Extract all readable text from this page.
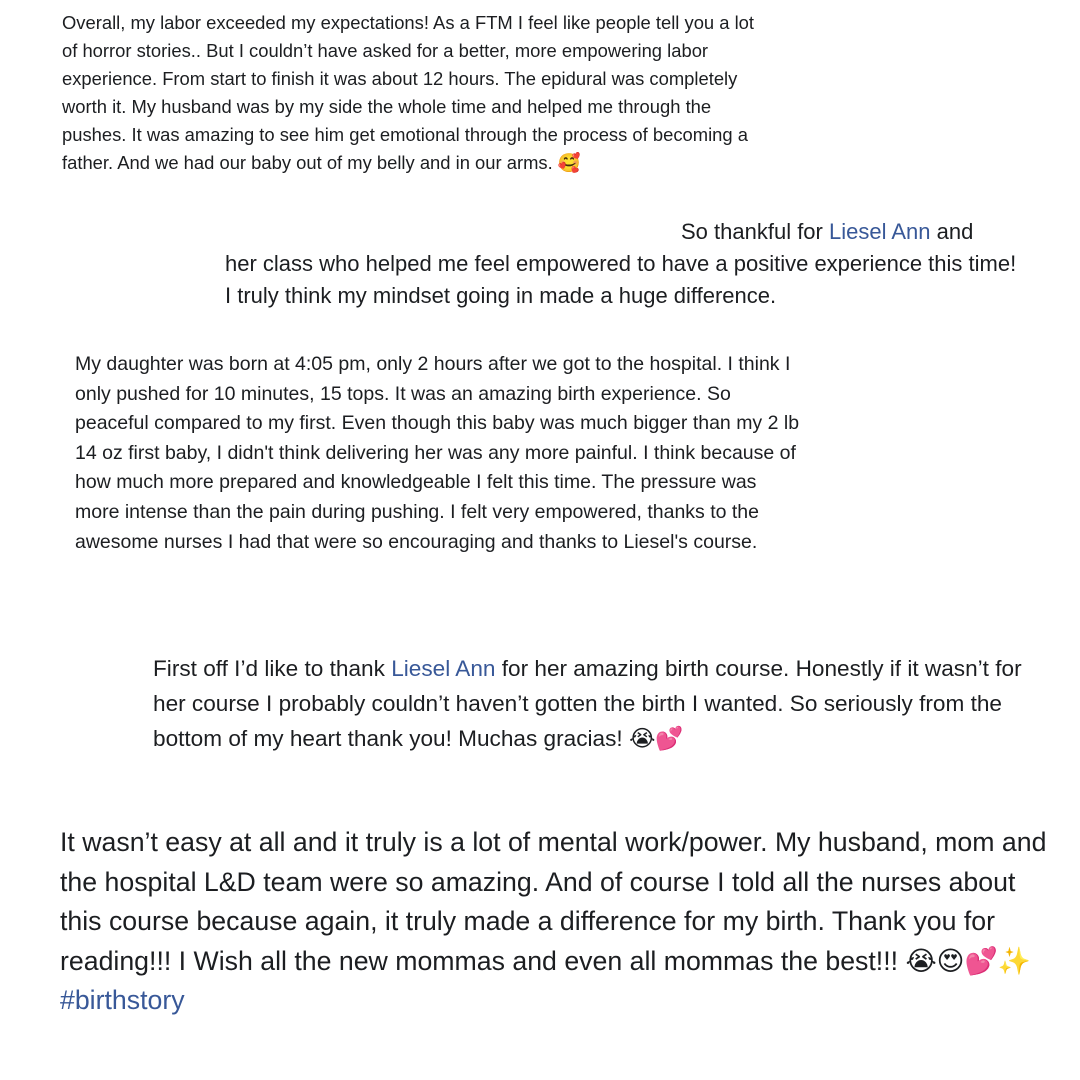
Overall, my labor exceeded my expectations! As a FTM I feel like people tell you a lot of horror stories.. But I couldn’t have asked for a better, more empowering labor experience. From start to finish it was about 12 hours. The epidural was completely worth it. My husband was by my side the whole time and helped me through the pushes. It was amazing to see him get emotional through the process of becoming a father. And we had our baby out of my belly and in our arms. 🥰

So thankful for Liesel Ann and
her class who helped me feel empowered to have a positive experience this time! I truly think my mindset going in made a huge difference.

My daughter was born at 4:05 pm, only 2 hours after we got to the hospital. I think I only pushed for 10 minutes, 15 tops. It was an amazing birth experience. So peaceful compared to my first. Even though this baby was much bigger than my 2 lb 14 oz first baby, I didn't think delivering her was any more painful. I think because of how much more prepared and knowledgeable I felt this time. The pressure was more intense than the pain during pushing. I felt very empowered, thanks to the awesome nurses I had that were so encouraging and thanks to Liesel's course.

First off I’d like to thank Liesel Ann for her amazing birth course. Honestly if it wasn’t for her course I probably couldn’t haven’t gotten the birth I wanted. So seriously from the bottom of my heart thank you! Muchas gracias! 😭💕

It wasn’t easy at all and it truly is a lot of mental work/power. My husband, mom and the hospital L&D team were so amazing. And of course I told all the nurses about this course because again, it truly made a difference for my birth. Thank you for reading!!! I Wish all the new mommas and even all mommas the best!!! 😭😍💕✨
#birthstory
